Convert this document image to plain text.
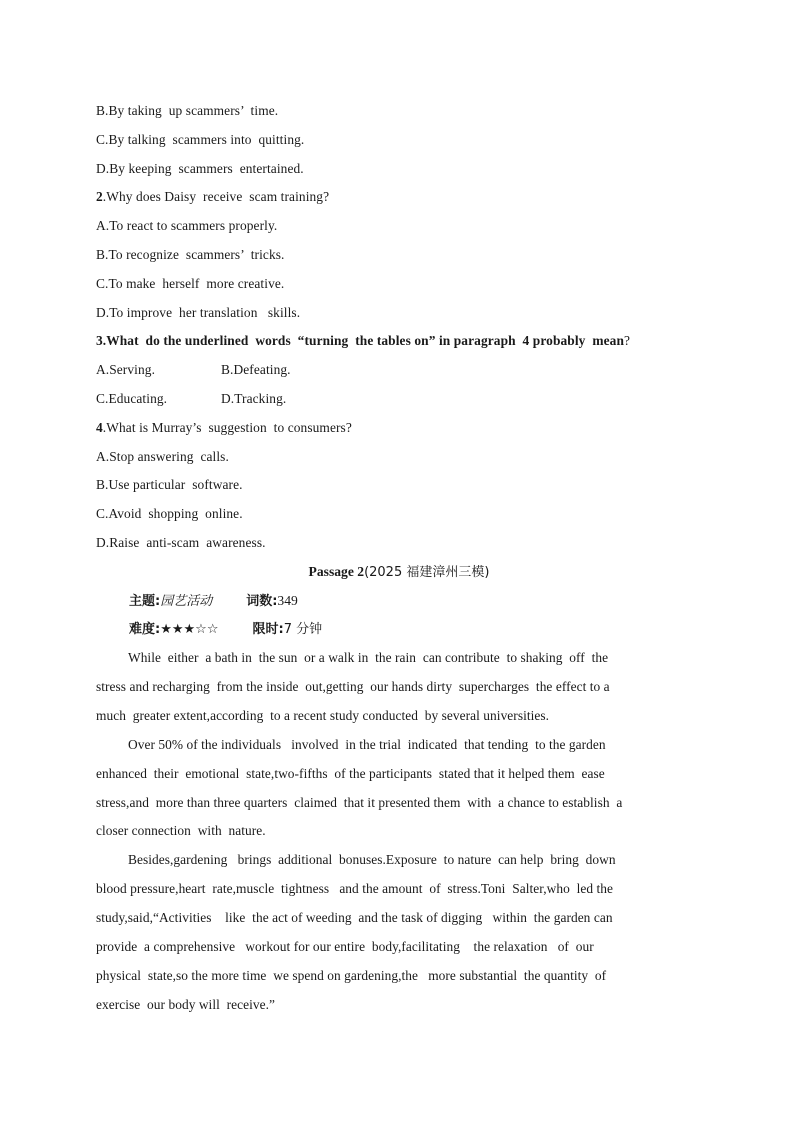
B.By taking  up scammers’  time.
C.By talking  scammers into  quitting.
D.By keeping  scammers  entertained.
2.Why does Daisy  receive  scam training?
A.To react to scammers properly.
B.To recognize  scammers’  tricks.
C.To make  herself  more creative.
D.To improve  her translation   skills.
3.What  do the underlined  words  “turning  the tables on” in paragraph  4 probably  mean?
A.Serving.	B.Defeating.
C.Educating.	D.Tracking.
4.What is Murray’s  suggestion  to consumers?
A.Stop answering  calls.
B.Use particular  software.
C.Avoid  shopping  online.
D.Raise  anti-scam  awareness.
Passage 2(2025 福建漳州三模)
主题:园艺活动	词数:349
难度:★★★☆☆	限时:7 分钟
While  either  a bath in  the sun  or a walk in  the rain  can contribute  to shaking  off  the
stress and recharging  from the inside  out,getting  our hands dirty  supercharges  the effect to a
much  greater extent,according  to a recent study conducted  by several universities.
Over 50% of the individuals   involved  in the trial  indicated  that tending  to the garden
enhanced  their  emotional  state,two-fifths  of the participants  stated that it helped them  ease
stress,and  more than three quarters  claimed  that it presented them  with  a chance to establish  a
closer connection  with  nature.
Besides,gardening   brings  additional  bonuses.Exposure  to nature  can help  bring  down
blood pressure,heart  rate,muscle  tightness   and the amount  of  stress.Toni  Salter,who  led the
study,said,“Activities    like  the act of weeding  and the task of digging   within  the garden can
provide  a comprehensive   workout for our entire  body,facilitating    the relaxation   of  our
physical  state,so the more time  we spend on gardening,the   more substantial  the quantity  of
exercise  our body will  receive.”
